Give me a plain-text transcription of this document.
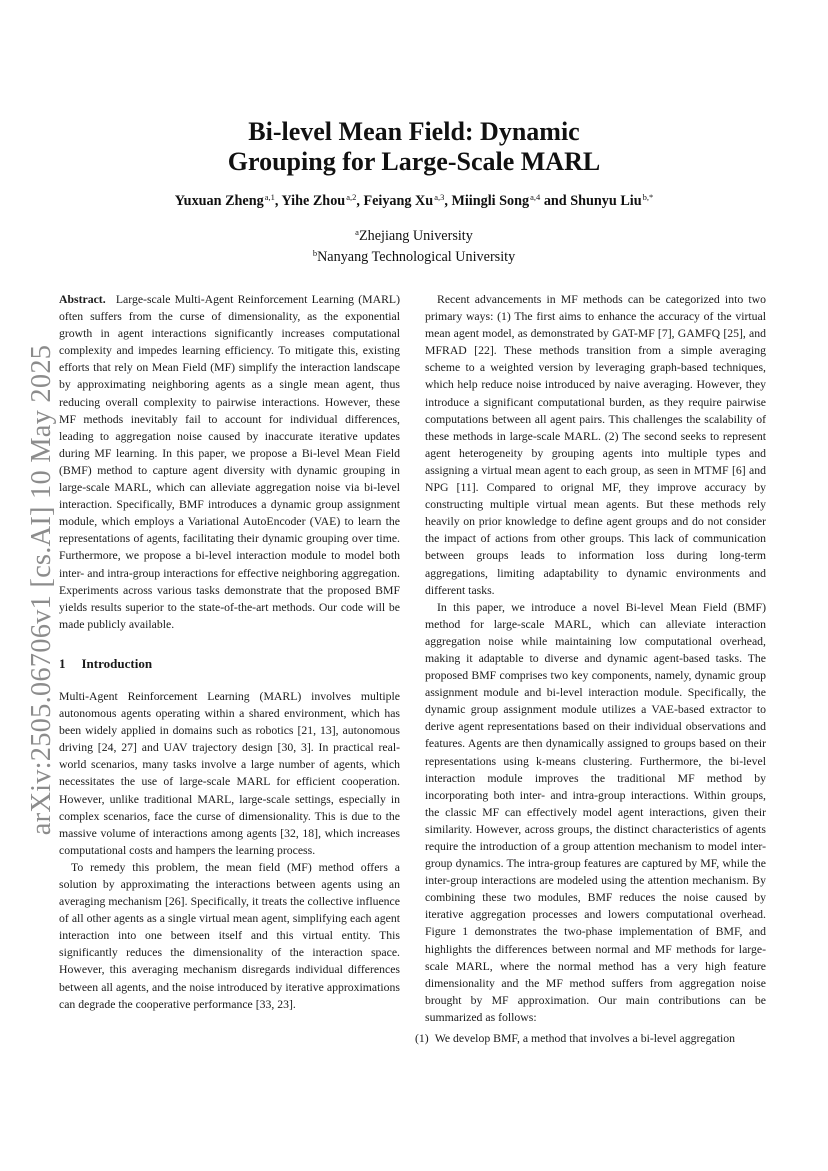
arXiv:2505.06706v1 [cs.AI] 10 May 2025
Bi-level Mean Field: Dynamic
Grouping for Large-Scale MARL
Yuxuan Zheng$^{a,1}$, Yihe Zhou$^{a,2}$, Feiyang Xu$^{a,3}$, Miingli Song$^{a,4}$ and Shunyu Liu$^{b,*}$
$^a$Zhejiang University
$^b$Nanyang Technological University

Abstract. Large-scale Multi-Agent Reinforcement Learning (MARL) often suffers from the curse of dimensionality, as the exponential growth in agent interactions significantly increases computational complexity and impedes learning efficiency. To mitigate this, existing efforts that rely on Mean Field (MF) simplify the interaction landscape by approximating neighboring agents as a single mean agent, thus reducing overall complexity to pairwise interactions. However, these MF methods inevitably fail to account for individual differences, leading to aggregation noise caused by inaccurate iterative updates during MF learning. In this paper, we propose a Bi-level Mean Field (BMF) method to capture agent diversity with dynamic grouping in large-scale MARL, which can alleviate aggregation noise via bi-level interaction. Specifically, BMF introduces a dynamic group assignment module, which employs a Variational AutoEncoder (VAE) to learn the representations of agents, facilitating their dynamic grouping over time. Furthermore, we propose a bi-level interaction module to model both inter- and intra-group interactions for effective neighboring aggregation. Experiments across various tasks demonstrate that the proposed BMF yields results superior to the state-of-the-art methods. Our code will be made publicly available.

1 Introduction

Multi-Agent Reinforcement Learning (MARL) involves multiple autonomous agents operating within a shared environment, which has been widely applied in domains such as robotics [21, 13], autonomous driving [24, 27] and UAV trajectory design [30, 3]. In practical real-world scenarios, many tasks involve a large number of agents, which necessitates the use of large-scale MARL for efficient cooperation. However, unlike traditional MARL, large-scale settings, especially in complex scenarios, face the curse of dimensionality. This is due to the massive volume of interactions among agents [32, 18], which increases computational costs and hampers the learning process.

To remedy this problem, the mean field (MF) method offers a solution by approximating the interactions between agents using an averaging mechanism [26]. Specifically, it treats the collective influence of all other agents as a single virtual mean agent, simplifying each agent interaction into one between itself and this virtual entity. This significantly reduces the dimensionality of the interaction space. However, this averaging mechanism disregards individual differences between all agents, and the noise introduced by iterative approximations can degrade the cooperative performance [33, 23].

Recent advancements in MF methods can be categorized into two primary ways: (1) The first aims to enhance the accuracy of the virtual mean agent model, as demonstrated by GAT-MF [7], GAMFQ [25], and MFRAD [22]. These methods transition from a simple averaging scheme to a weighted version by leveraging graph-based techniques, which help reduce noise introduced by naive averaging. However, they introduce a significant computational burden, as they require pairwise computations between all agent pairs. This challenges the scalability of these methods in large-scale MARL. (2) The second seeks to represent agent heterogeneity by grouping agents into multiple types and assigning a virtual mean agent to each group, as seen in MTMF [6] and NPG [11]. Compared to orignal MF, they improve accuracy by constructing multiple virtual mean agents. But these methods rely heavily on prior knowledge to define agent groups and do not consider the impact of actions from other groups. This lack of communication between groups leads to information loss during long-term aggregations, limiting adaptability to dynamic environments and different tasks.

In this paper, we introduce a novel Bi-level Mean Field (BMF) method for large-scale MARL, which can alleviate interaction aggregation noise while maintaining low computational overhead, making it adaptable to diverse and dynamic agent-based tasks. The proposed BMF comprises two key components, namely, dynamic group assignment module and bi-level interaction module. Specifically, the dynamic group assignment module utilizes a VAE-based extractor to derive agent representations based on their individual observations and features. Agents are then dynamically assigned to groups based on their representations using k-means clustering. Furthermore, the bi-level interaction module improves the traditional MF method by incorporating both inter- and intra-group interactions. Within groups, the classic MF can effectively model agent interactions, given their similarity. However, across groups, the distinct characteristics of agents require the introduction of a group attention mechanism to model inter-group dynamics. The intra-group features are captured by MF, while the inter-group interactions are modeled using the attention mechanism. By combining these two modules, BMF reduces the noise caused by iterative aggregation processes and lowers computational overhead. Figure 1 demonstrates the two-phase implementation of BMF, and highlights the differences between normal and MF methods for large-scale MARL, where the normal method has a very high feature dimensionality and the MF method suffers from aggregation noise brought by MF approximation. Our main contributions can be summarized as follows:

(1) We develop BMF, a method that involves a bi-level aggregation
